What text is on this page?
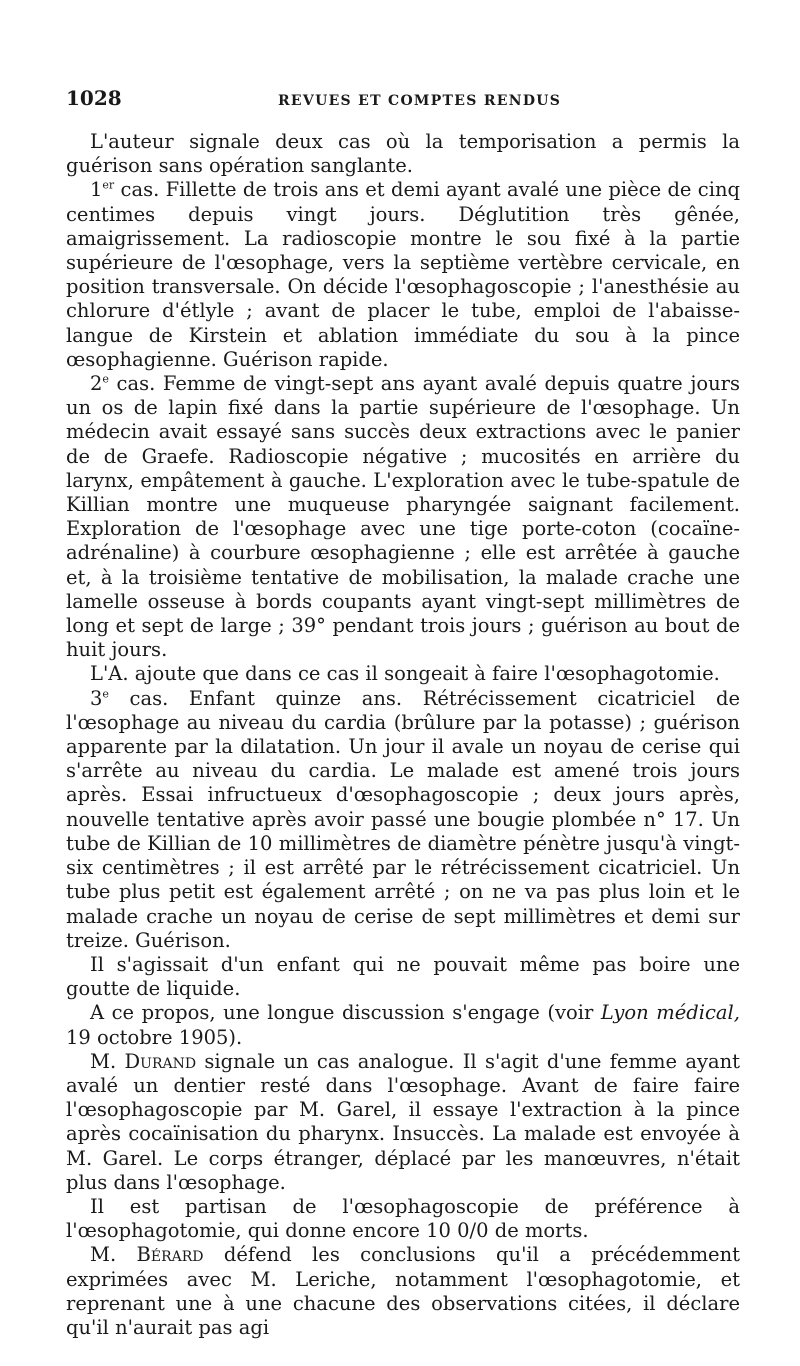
1028	REVUES ET COMPTES RENDUS

L'auteur signale deux cas où la temporisation a permis la guérison sans opération sanglante.

1er cas. Fillette de trois ans et demi ayant avalé une pièce de cinq centimes depuis vingt jours. Déglutition très gênée, amaigrissement. La radioscopie montre le sou fixé à la partie supérieure de l'œsophage, vers la septième vertèbre cervicale, en position transversale. On décide l'œsophagoscopie ; l'anesthésie au chlorure d'étlyle ; avant de placer le tube, emploi de l'abaisse-langue de Kirstein et ablation immédiate du sou à la pince œsophagienne. Guérison rapide.

2e cas. Femme de vingt-sept ans ayant avalé depuis quatre jours un os de lapin fixé dans la partie supérieure de l'œsophage. Un médecin avait essayé sans succès deux extractions avec le panier de de Graefe. Radioscopie négative ; mucosités en arrière du larynx, empâtement à gauche. L'exploration avec le tube-spatule de Killian montre une muqueuse pharyngée saignant facilement. Exploration de l'œsophage avec une tige porte-coton (cocaïne-adrénaline) à courbure œsophagienne ; elle est arrêtée à gauche et, à la troisième tentative de mobilisation, la malade crache une lamelle osseuse à bords coupants ayant vingt-sept millimètres de long et sept de large ; 39° pendant trois jours ; guérison au bout de huit jours.

L'A. ajoute que dans ce cas il songeait à faire l'œsophagotomie.

3e cas. Enfant quinze ans. Rétrécissement cicatriciel de l'œsophage au niveau du cardia (brûlure par la potasse) ; guérison apparente par la dilatation. Un jour il avale un noyau de cerise qui s'arrête au niveau du cardia. Le malade est amené trois jours après. Essai infructueux d'œsophagoscopie ; deux jours après, nouvelle tentative après avoir passé une bougie plombée n° 17. Un tube de Killian de 10 millimètres de diamètre pénètre jusqu'à vingt-six centimètres ; il est arrêté par le rétrécissement cicatriciel. Un tube plus petit est également arrêté ; on ne va pas plus loin et le malade crache un noyau de cerise de sept millimètres et demi sur treize. Guérison.

Il s'agissait d'un enfant qui ne pouvait même pas boire une goutte de liquide.

A ce propos, une longue discussion s'engage (voir Lyon médical, 19 octobre 1905).

M. Durand signale un cas analogue. Il s'agit d'une femme ayant avalé un dentier resté dans l'œsophage. Avant de faire faire l'œsophagoscopie par M. Garel, il essaye l'extraction à la pince après cocaïnisation du pharynx. Insuccès. La malade est envoyée à M. Garel. Le corps étranger, déplacé par les manœuvres, n'était plus dans l'œsophage.

Il est partisan de l'œsophagoscopie de préférence à l'œsophagotomie, qui donne encore 10 0/0 de morts.

M. Bérard défend les conclusions qu'il a précédemment exprimées avec M. Leriche, notamment l'œsophagotomie, et reprenant une à une chacune des observations citées, il déclare qu'il n'aurait pas agi
